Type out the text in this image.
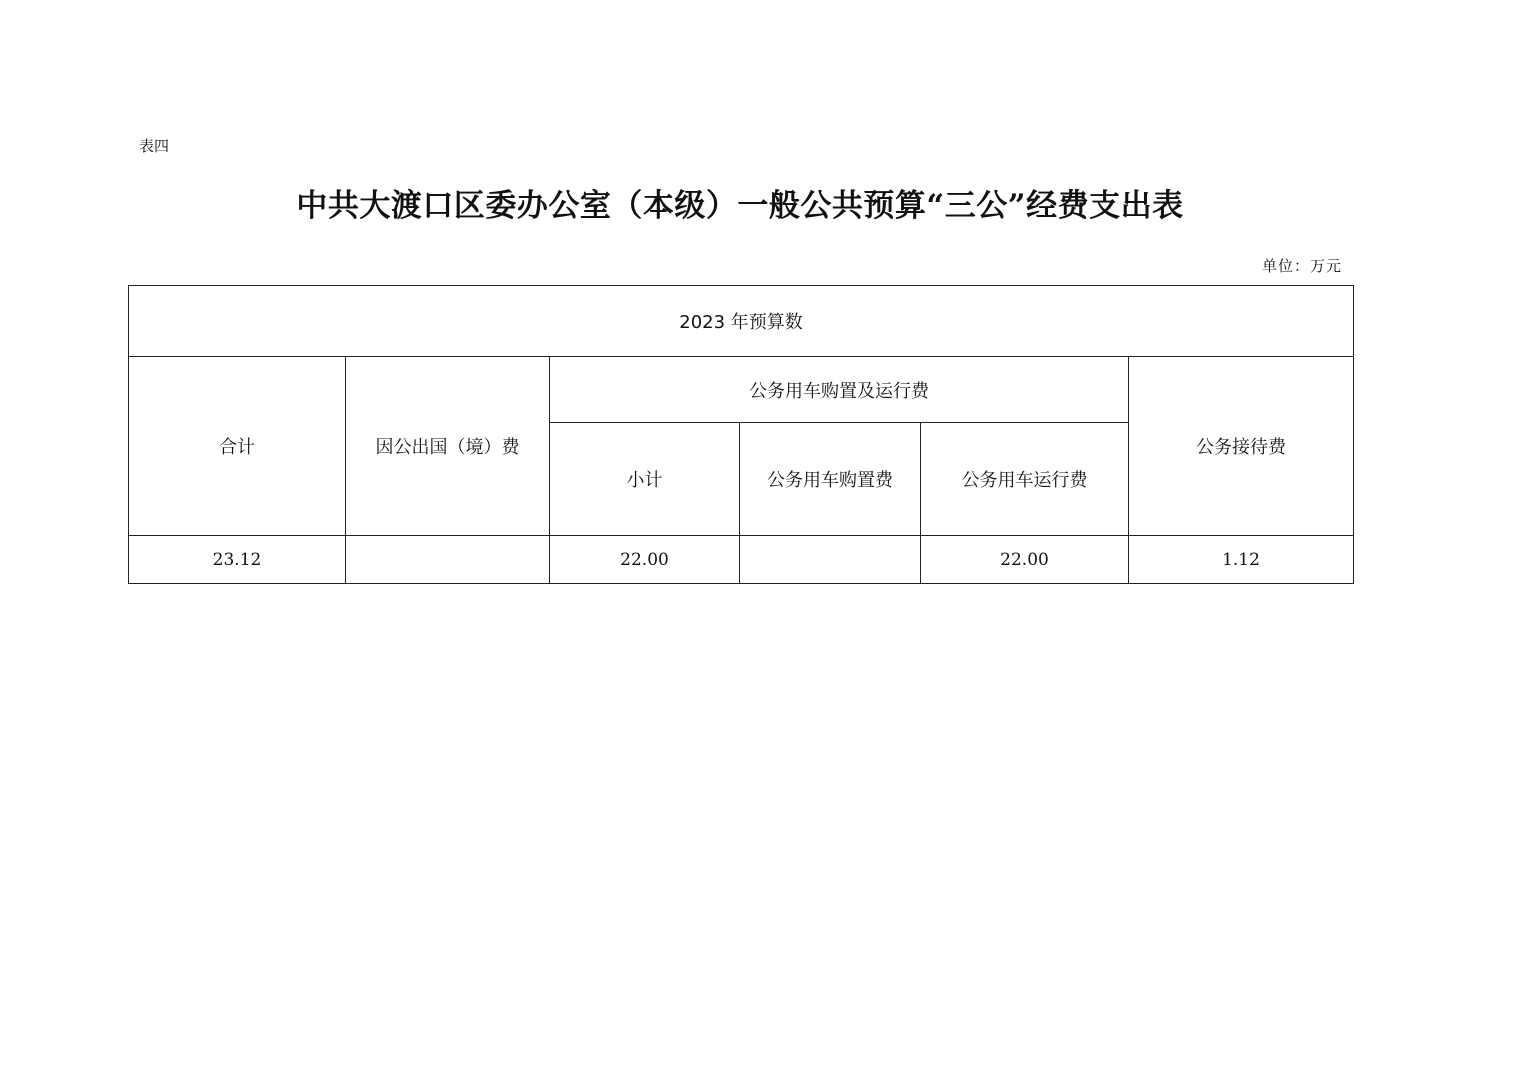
表四
中共大渡口区委办公室（本级）一般公共预算“三公”经费支出表
单位：万元
2023 年预算数					
合计	因公出国（境）费	公务用车购置及运行费			公务接待费
		小计	公务用车购置费	公务用车运行费	
23.12		22.00		22.00	1.12
